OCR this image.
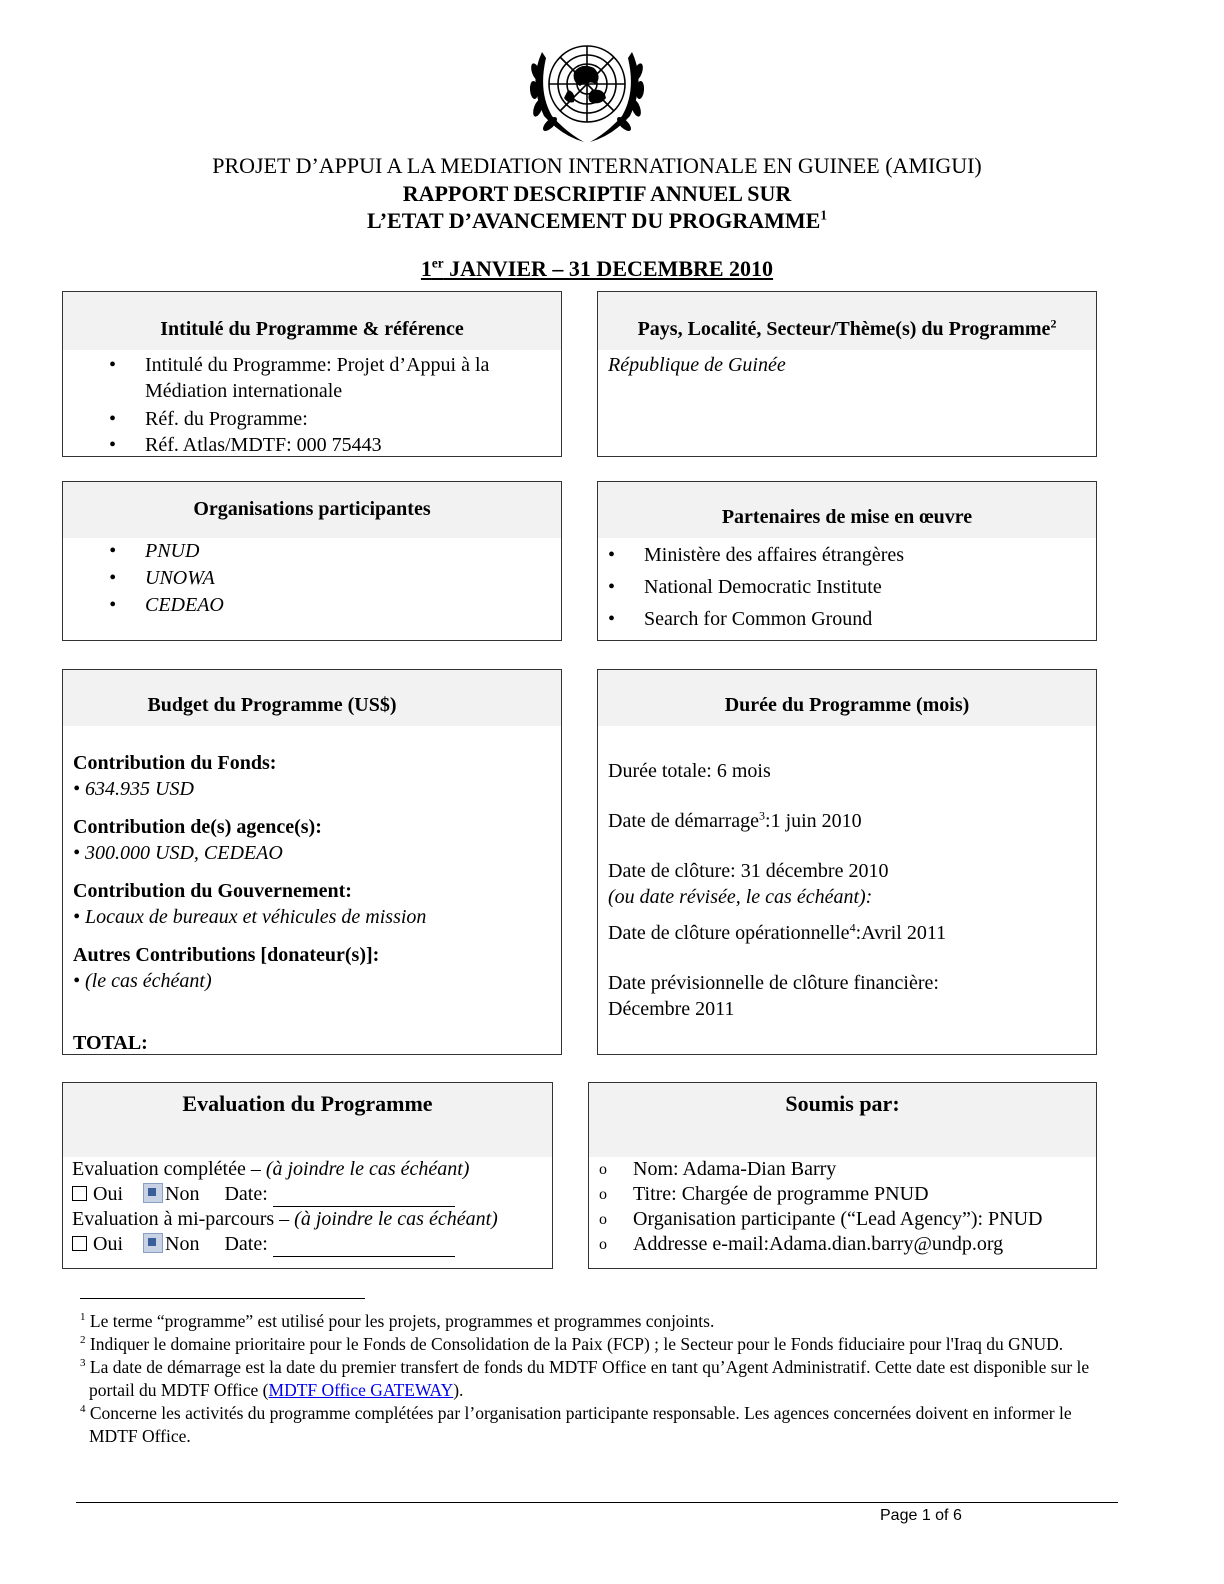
PROJET D’APPUI A LA MEDIATION INTERNATIONALE EN GUINEE (AMIGUI)
RAPPORT DESCRIPTIF ANNUEL SUR
L’ETAT D’AVANCEMENT DU PROGRAMME$^1$
1er JANVIER – 31 DECEMBRE 2010
Intitulé du Programme & référence
• Intitulé du Programme: Projet d’Appui à la Médiation internationale
• Réf. du Programme:
• Réf. Atlas/MDTF: 000 75443
Pays, Localité, Secteur/Thème(s) du Programme$^2$
République de Guinée
Organisations participantes
• PNUD
• UNOWA
• CEDEAO
Partenaires de mise en œuvre
• Ministère des affaires étrangères
• National Democratic Institute
• Search for Common Ground
Budget du Programme (US$)
Contribution du Fonds:
• 634.935 USD
Contribution de(s) agence(s):
• 300.000 USD, CEDEAO
Contribution du Gouvernement:
• Locaux de bureaux et véhicules de mission
Autres Contributions [donateur(s)]:
• (le cas échéant)
TOTAL:
Durée du Programme (mois)
Durée totale: 6 mois
Date de démarrage$^3$:1 juin 2010
Date de clôture: 31 décembre 2010
(ou date révisée, le cas échéant):
Date de clôture opérationnelle$^4$:Avril 2011
Date prévisionnelle de clôture financière:
Décembre 2011
Evaluation du Programme
Evaluation complétée – (à joindre le cas échéant)
Oui Non Date:
Evaluation à mi-parcours – (à joindre le cas échéant)
Oui Non Date:
Soumis par:
o Nom: Adama-Dian Barry
o Titre: Chargée de programme PNUD
o Organisation participante (“Lead Agency”): PNUD
o Addresse e-mail:Adama.dian.barry@undp.org
$^1$ Le terme “programme” est utilisé pour les projets, programmes et programmes conjoints.
$^2$ Indiquer le domaine prioritaire pour le Fonds de Consolidation de la Paix (FCP) ; le Secteur pour le Fonds fiduciaire pour l'Iraq du GNUD.
$^3$ La date de démarrage est la date du premier transfert de fonds du MDTF Office en tant qu’Agent Administratif. Cette date est disponible sur le portail du MDTF Office (MDTF Office GATEWAY).
$^4$ Concerne les activités du programme complétées par l’organisation participante responsable. Les agences concernées doivent en informer le MDTF Office.
Page 1 of 6
